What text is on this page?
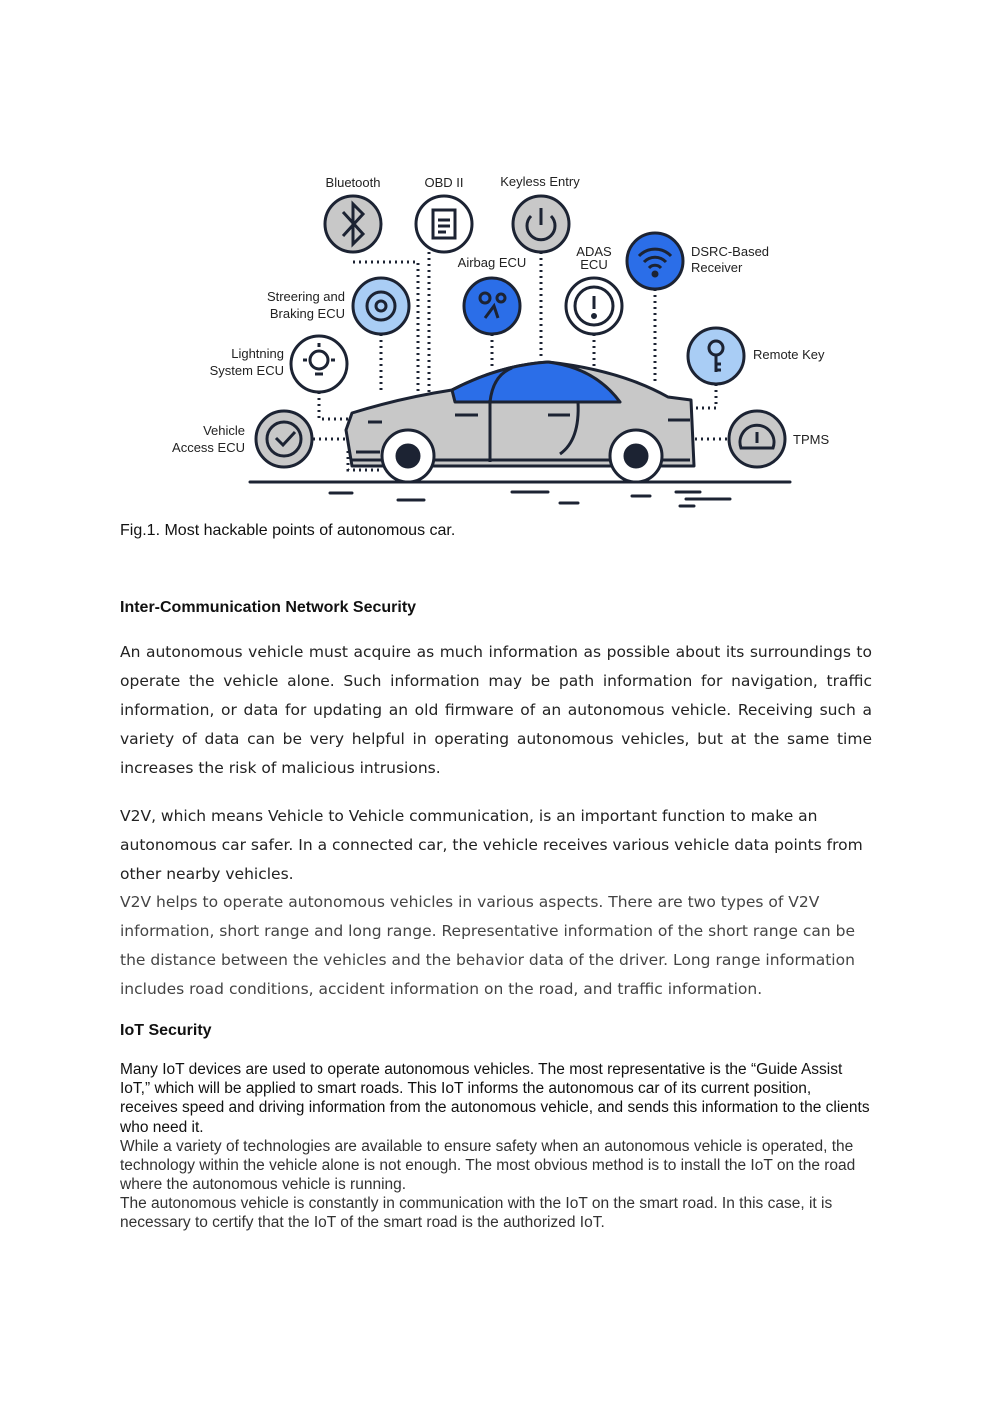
Bluetooth	OBD II	Keyless Entry
Streering and
Braking ECU
Airbag ECU
ADAS
ECU
DSRC-Based
Receiver
Lightning
System ECU
Remote Key
Vehicle
Access ECU
TPMS
Fig.1. Most hackable points of autonomous car.
Inter-Communication Network Security

An autonomous vehicle must acquire as much information as possible about its surroundings to operate the vehicle alone. Such information may be path information for navigation, traffic information, or data for updating an old firmware of an autonomous vehicle. Receiving such a variety of data can be very helpful in operating autonomous vehicles, but at the same time increases the risk of malicious intrusions.

V2V, which means Vehicle to Vehicle communication, is an important function to make an autonomous car safer. In a connected car, the vehicle receives various vehicle data points from other nearby vehicles.

V2V helps to operate autonomous vehicles in various aspects. There are two types of V2V information, short range and long range. Representative information of the short range can be the distance between the vehicles and the behavior data of the driver. Long range information includes road conditions, accident information on the road, and traffic information.

IoT Security

Many IoT devices are used to operate autonomous vehicles. The most representative is the “Guide Assist IoT,” which will be applied to smart roads. This IoT informs the autonomous car of its current position, receives speed and driving information from the autonomous vehicle, and sends this information to the clients who need it.

While a variety of technologies are available to ensure safety when an autonomous vehicle is operated, the technology within the vehicle alone is not enough. The most obvious method is to install the IoT on the road where the autonomous vehicle is running.

The autonomous vehicle is constantly in communication with the IoT on the smart road. In this case, it is necessary to certify that the IoT of the smart road is the authorized IoT.
